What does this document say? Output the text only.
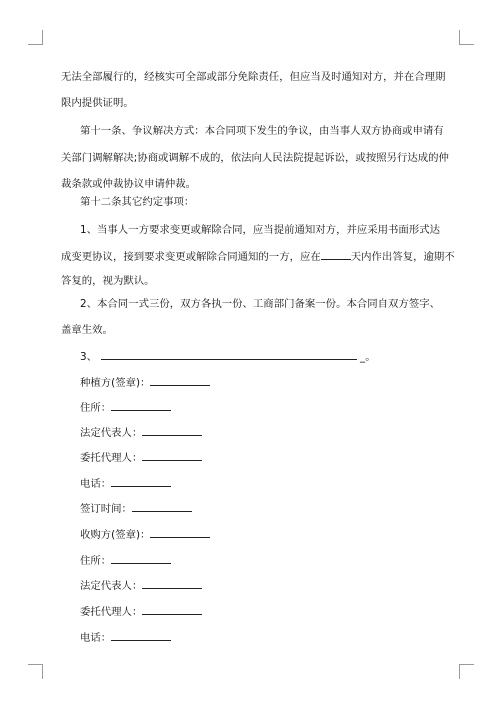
无法全部履行的，经核实可全部或部分免除责任，但应当及时通知对方，并在合理期
限内提供证明。
第十一条、争议解决方式：本合同项下发生的争议，由当事人双方协商或申请有
关部门调解解决;协商或调解不成的，依法向人民法院提起诉讼，或按照另行达成的仲
裁条款或仲裁协议申请仲裁。
第十二条其它约定事项：
1、当事人一方要求变更或解除合同，应当提前通知对方，并应采用书面形式达
成变更协议，接到要求变更或解除合同通知的一方，应在	天内作出答复，逾期不
答复的，视为默认。
2、本合同一式三份，双方各执一份、工商部门备案一份。本合同自双方签字、
盖章生效。
3、	_。
种植方(签章)：
住所：
法定代表人：
委托代理人：
电话：
签订时间：
收购方(签章)：
住所：
法定代表人：
委托代理人：
电话：
